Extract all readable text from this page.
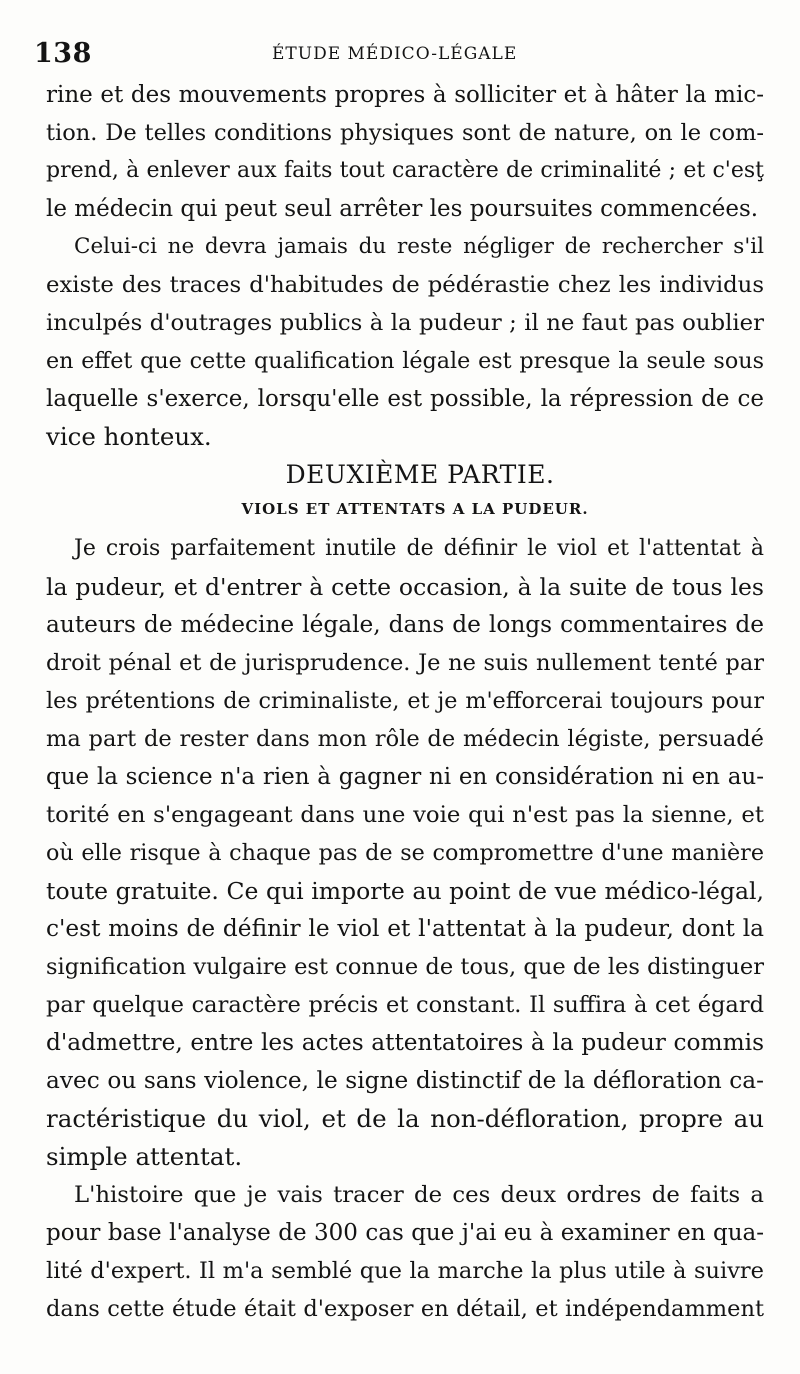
138	ÉTUDE MÉDICO-LÉGALE
rine et des mouvements propres à solliciter et à hâter la mic-
tion. De telles conditions physiques sont de nature, on le com-
prend, à enlever aux faits tout caractère de criminalité ; et c'esţ
le médecin qui peut seul arrêter les poursuites commencées.
Celui-ci ne devra jamais du reste négliger de rechercher s'il
existe des traces d'habitudes de pédérastie chez les individus
inculpés d'outrages publics à la pudeur ; il ne faut pas oublier
en effet que cette qualification légale est presque la seule sous
laquelle s'exerce, lorsqu'elle est possible, la répression de ce
vice honteux.
DEUXIÈME PARTIE.
VIOLS ET ATTENTATS A LA PUDEUR.
Je crois parfaitement inutile de définir le viol et l'attentat à
la pudeur, et d'entrer à cette occasion, à la suite de tous les
auteurs de médecine légale, dans de longs commentaires de
droit pénal et de jurisprudence. Je ne suis nullement tenté par
les prétentions de criminaliste, et je m'efforcerai toujours pour
ma part de rester dans mon rôle de médecin légiste, persuadé
que la science n'a rien à gagner ni en considération ni en au-
torité en s'engageant dans une voie qui n'est pas la sienne, et
où elle risque à chaque pas de se compromettre d'une manière
toute gratuite. Ce qui importe au point de vue médico-légal,
c'est moins de définir le viol et l'attentat à la pudeur, dont la
signification vulgaire est connue de tous, que de les distinguer
par quelque caractère précis et constant. Il suffira à cet égard
d'admettre, entre les actes attentatoires à la pudeur commis
avec ou sans violence, le signe distinctif de la défloration ca-
ractéristique du viol, et de la non-défloration, propre au
simple attentat.
L'histoire que je vais tracer de ces deux ordres de faits a
pour base l'analyse de 300 cas que j'ai eu à examiner en qua-
lité d'expert. Il m'a semblé que la marche la plus utile à suivre
dans cette étude était d'exposer en détail, et indépendamment
